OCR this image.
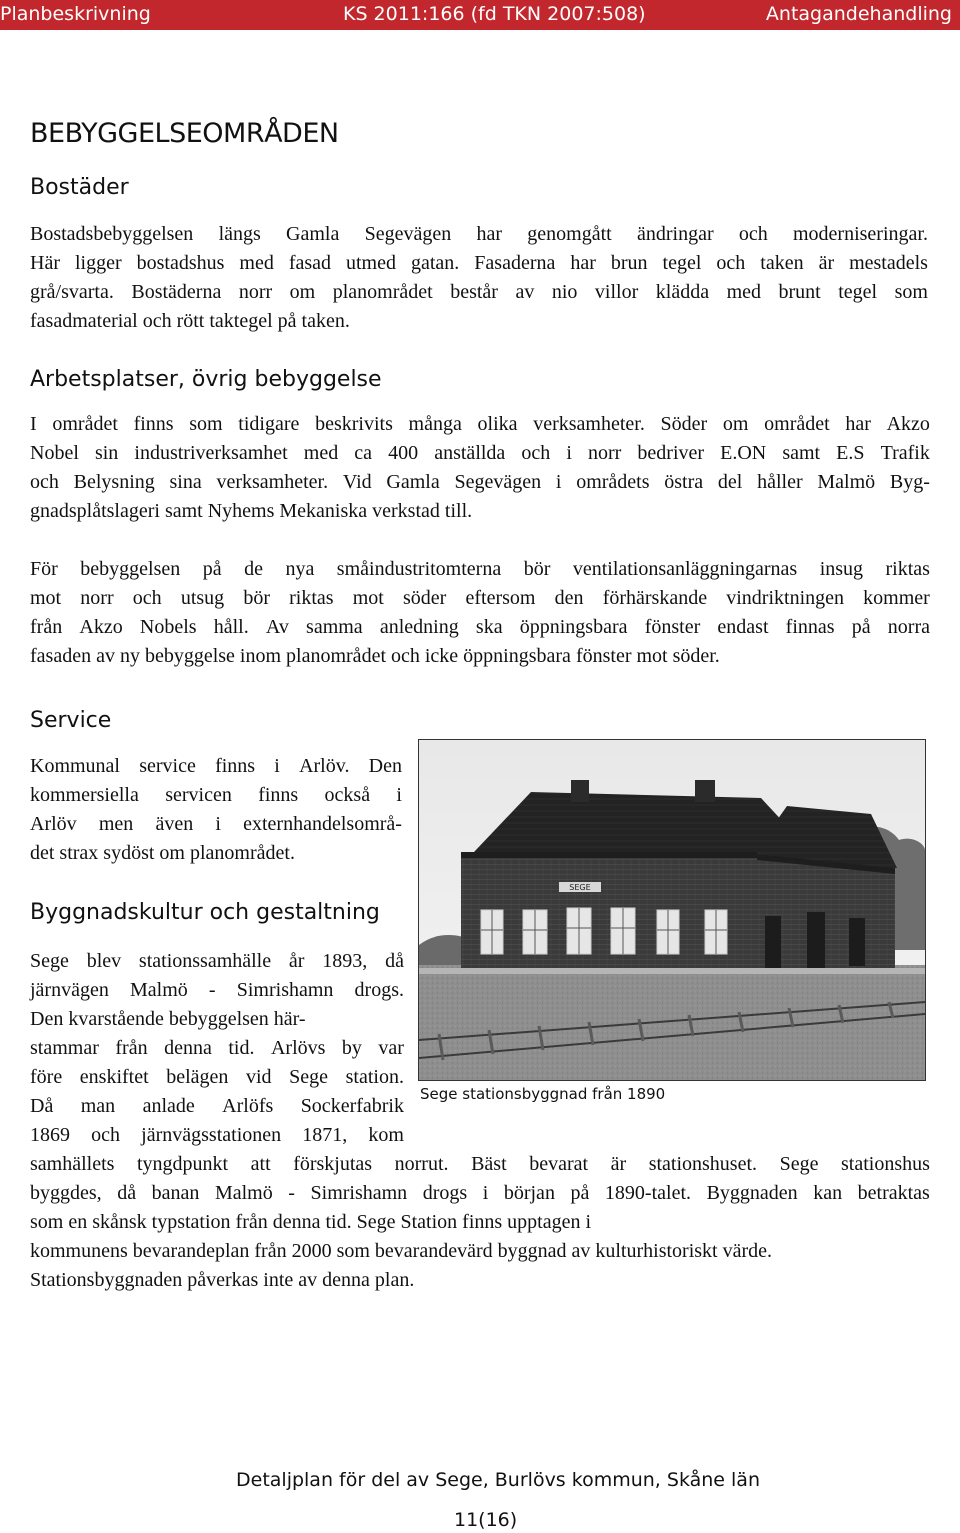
Planbeskrivning	KS 2011:166 (fd TKN 2007:508)	Antagandehandling
BEBYGGELSEOMRÅDEN
Bostäder
Bostadsbebyggelsen längs Gamla Segevägen har genomgått ändringar och moderniseringar.
Här ligger bostadshus med fasad utmed gatan. Fasaderna har brun tegel och taken är mestadels
grå/svarta. Bostäderna norr om planområdet består av nio villor klädda med brunt tegel som
fasadmaterial och rött taktegel på taken.
Arbetsplatser, övrig bebyggelse
I området finns som tidigare beskrivits många olika verksamheter. Söder om området har Akzo
Nobel sin industriverksamhet med ca 400 anställda och i norr bedriver E.ON samt E.S Trafik
och Belysning sina verksamheter. Vid Gamla Segevägen i områdets östra del håller Malmö Byg-
gnadsplåtslageri samt Nyhems Mekaniska verkstad till.
För bebyggelsen på de nya småindustritomterna bör ventilationsanläggningarnas insug riktas
mot norr och utsug bör riktas mot söder eftersom den förhärskande vindriktningen kommer
från Akzo Nobels håll. Av samma anledning ska öppningsbara fönster endast finnas på norra
fasaden av ny bebyggelse inom planområdet och icke öppningsbara fönster mot söder.
Service
Kommunal service finns i Arlöv. Den
kommersiella servicen finns också i
Arlöv men även i externhandelsområ-
det strax sydöst om planområdet.
Byggnadskultur och gestaltning
Sege blev stationssamhälle år 1893, då
järnvägen Malmö - Simrishamn drogs.
Den kvarstående bebyggelsen här-
stammar från denna tid. Arlövs by var
före enskiftet belägen vid Sege station.
Då man anlade Arlöfs Sockerfabrik
1869 och järnvägsstationen 1871, kom
samhällets tyngdpunkt att förskjutas norrut. Bäst bevarat är stationshuset. Sege stationshus
byggdes, då banan Malmö - Simrishamn drogs i början på 1890-talet. Byggnaden kan betraktas
som en skånsk typstation från denna tid. Sege Station finns upptagen i
kommunens bevarandeplan från 2000 som bevarandevärd byggnad av kulturhistoriskt värde.
Stationsbyggnaden påverkas inte av denna plan.
SEGE

Sege stationsbyggnad från 1890

Detaljplan för del av Sege, Burlövs kommun, Skåne län

11(16)
